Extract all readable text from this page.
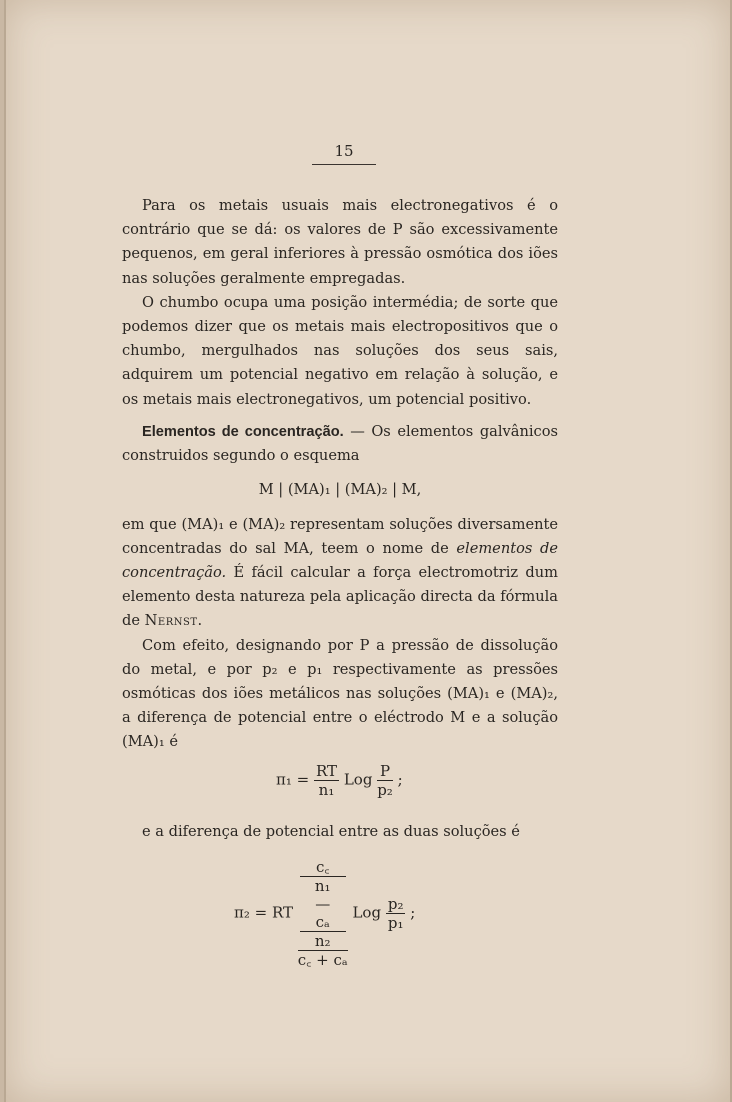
15

Para os metais usuais mais electronegativos é o contrário que se dá: os valores de P são excessivamente pequenos, em geral inferiores à pressão osmótica dos iões nas soluções geralmente empregadas.

O chumbo ocupa uma posição intermédia; de sorte que podemos dizer que os metais mais electropositivos que o chumbo, mergulhados nas soluções dos seus sais, adquirem um potencial negativo em relação à solução, e os metais mais electronegativos, um potencial positivo.

Elementos de concentração. — Os elementos galvânicos construidos segundo o esquema

M | (MA)₁ | (MA)₂ | M,

em que (MA)₁ e (MA)₂ representam soluções diversamente concentradas do sal MA, teem o nome de elementos de concentração. É fácil calcular a força electromotriz dum elemento desta natureza pela aplicação directa da fórmula de Nernst.

Com efeito, designando por P a pressão de dissolução do metal, e por p₂ e p₁ respectivamente as pressões osmóticas dos iões metálicos nas soluções (MA)₁ e (MA)₂, a diferença de potencial entre o eléctrodo M e a solução (MA)₁ é

$\pi_1 = \frac{RT}{\text{n₁}}$ Log $\frac{P}{\text{p₂}}$ ;

e a diferença de potencial entre as duas soluções é

π₂ = RT c꜀
n₁
—
cₐ
n₂
c꜀ + cₐ Log $\frac{\text{p₂}}{\text{p₁}}$ ;
